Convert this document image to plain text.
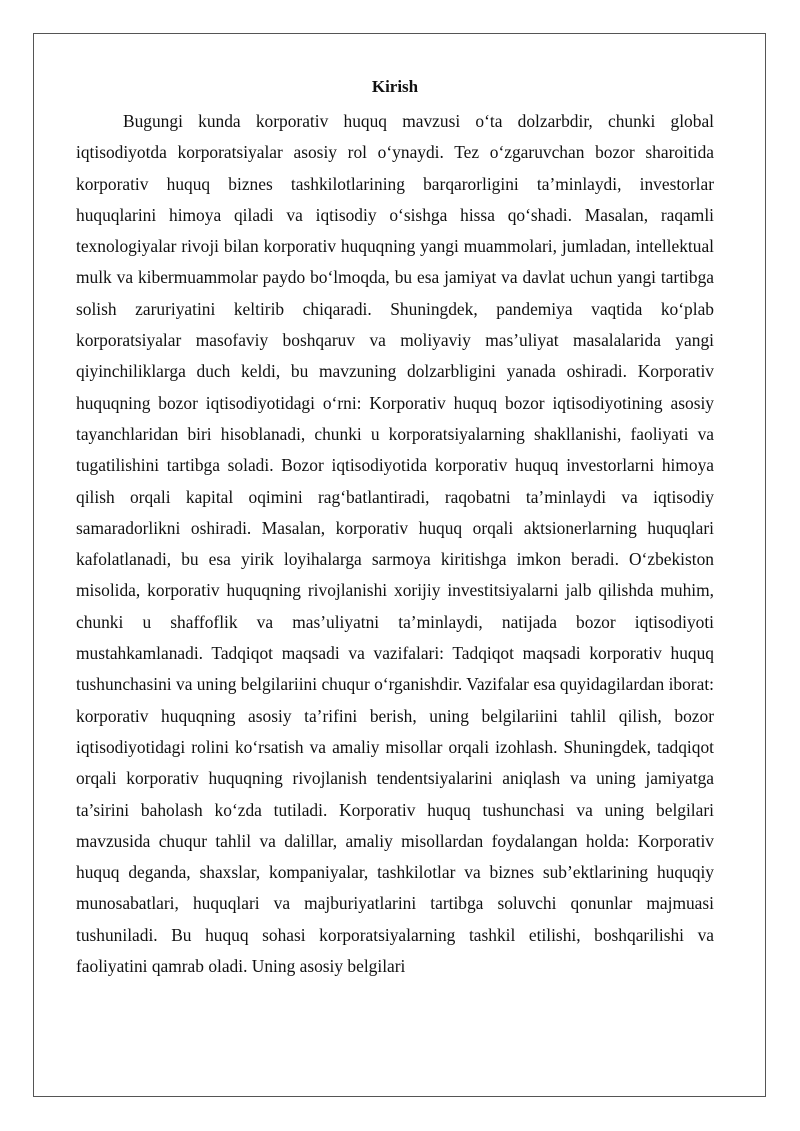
Kirish

Bugungi kunda korporativ huquq mavzusi o‘ta dolzarbdir, chunki global iqtisodiyotda korporatsiyalar asosiy rol o‘ynaydi. Tez o‘zgaruvchan bozor sharoitida korporativ huquq biznes tashkilotlarining barqarorligini ta’minlaydi, investorlar huquqlarini himoya qiladi va iqtisodiy o‘sishga hissa qo‘shadi. Masalan, raqamli texnologiyalar rivoji bilan korporativ huquqning yangi muammolari, jumladan, intellektual mulk va kibermuammolar paydo bo‘lmoqda, bu esa jamiyat va davlat uchun yangi tartibga solish zaruriyatini keltirib chiqaradi. Shuningdek, pandemiya vaqtida ko‘plab korporatsiyalar masofaviy boshqaruv va moliyaviy mas’uliyat masalalarida yangi qiyinchiliklarga duch keldi, bu mavzuning dolzarbligini yanada oshiradi. Korporativ huquqning bozor iqtisodiyotidagi o‘rni: Korporativ huquq bozor iqtisodiyotining asosiy tayanchlaridan biri hisoblanadi, chunki u korporatsiyalarning shakllanishi, faoliyati va tugatilishini tartibga soladi. Bozor iqtisodiyotida korporativ huquq investorlarni himoya qilish orqali kapital oqimini rag‘batlantiradi, raqobatni ta’minlaydi va iqtisodiy samaradorlikni oshiradi. Masalan, korporativ huquq orqali aktsionerlarning huquqlari kafolatlanadi, bu esa yirik loyihalarga sarmoya kiritishga imkon beradi. O‘zbekiston misolida, korporativ huquqning rivojlanishi xorijiy investitsiyalarni jalb qilishda muhim, chunki u shaffoflik va mas’uliyatni ta’minlaydi, natijada bozor iqtisodiyoti mustahkamlanadi. Tadqiqot maqsadi va vazifalari: Tadqiqot maqsadi korporativ huquq tushunchasini va uning belgilariini chuqur o‘rganishdir. Vazifalar esa quyidagilardan iborat: korporativ huquqning asosiy ta’rifini berish, uning belgilariini tahlil qilish, bozor iqtisodiyotidagi rolini ko‘rsatish va amaliy misollar orqali izohlash. Shuningdek, tadqiqot orqali korporativ huquqning rivojlanish tendentsiyalarini aniqlash va uning jamiyatga ta’sirini baholash ko‘zda tutiladi. Korporativ huquq tushunchasi va uning belgilari mavzusida chuqur tahlil va dalillar, amaliy misollardan foydalangan holda: Korporativ huquq deganda, shaxslar, kompaniyalar, tashkilotlar va biznes sub’ektlarining huquqiy munosabatlari, huquqlari va majburiyatlarini tartibga soluvchi qonunlar majmuasi tushuniladi. Bu huquq sohasi korporatsiyalarning tashkil etilishi, boshqarilishi va faoliyatini qamrab oladi. Uning asosiy belgilari
